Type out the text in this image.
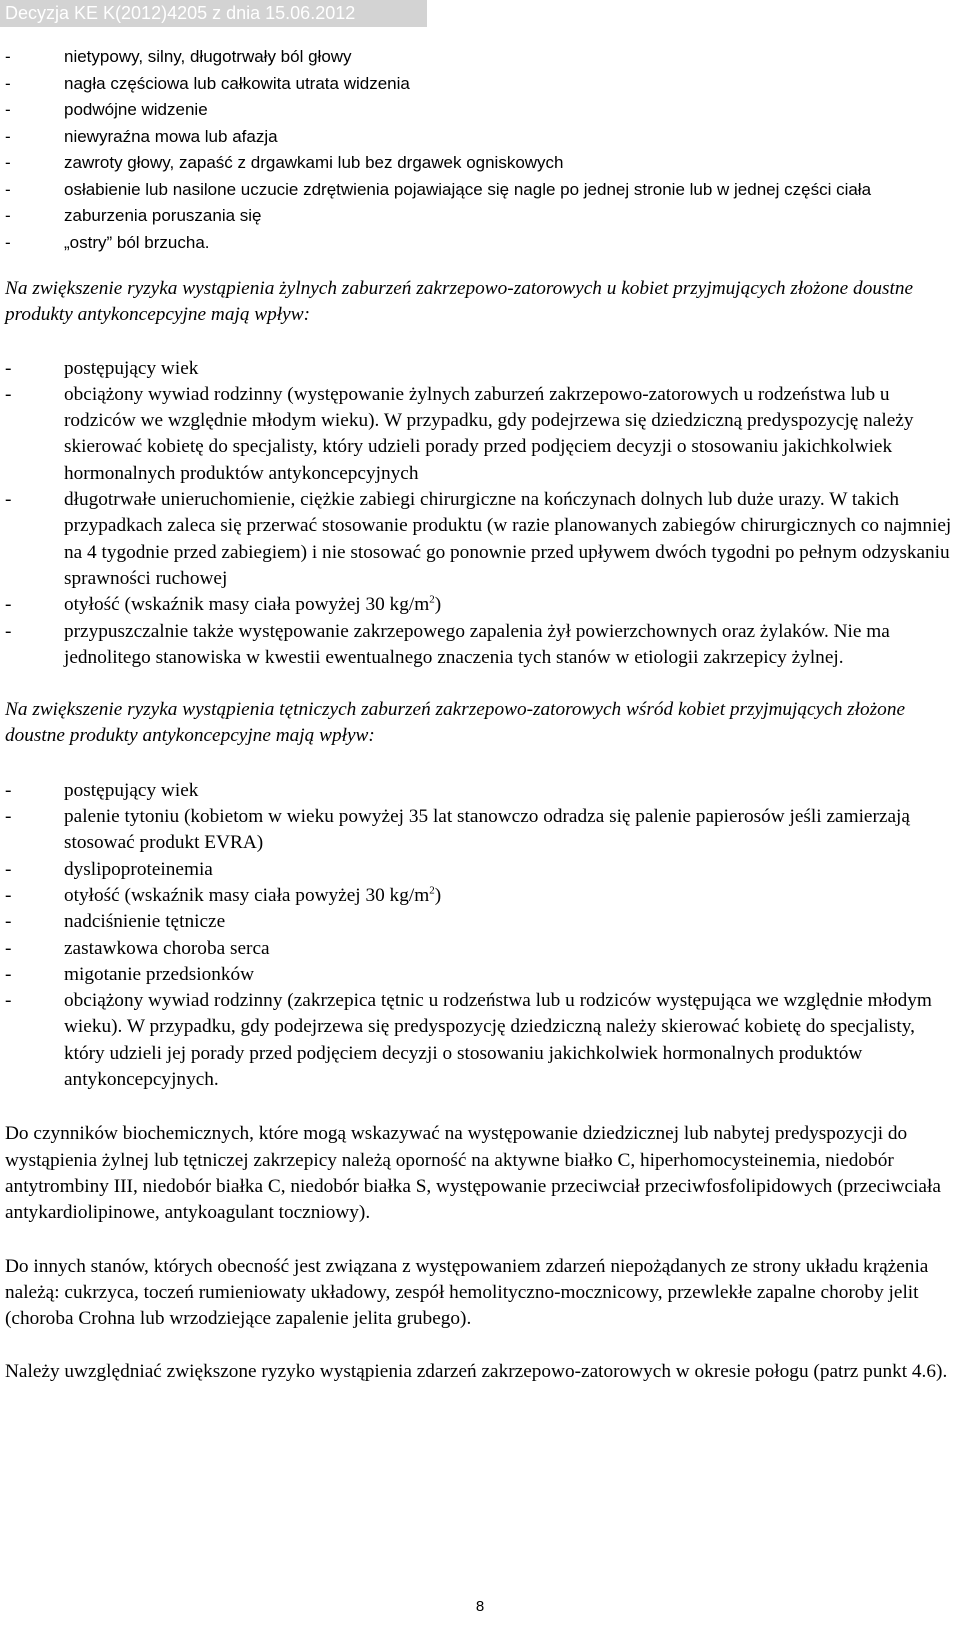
Decyzja KE K(2012)4205 z dnia 15.06.2012

-	nietypowy, silny, długotrwały ból głowy

-	nagła częściowa lub całkowita utrata widzenia

-	podwójne widzenie

-	niewyraźna mowa lub afazja

-	zawroty głowy, zapaść z drgawkami lub bez drgawek ogniskowych

-	osłabienie lub nasilone uczucie zdrętwienia pojawiające się nagle po jednej stronie lub w jednej części ciała

-	zaburzenia poruszania się

-	„ostry” ból brzucha.

Na zwiększenie ryzyka wystąpienia żylnych zaburzeń zakrzepowo-zatorowych u kobiet przyjmujących złożone doustne produkty antykoncepcyjne mają wpływ:

-	postępujący wiek

-	obciążony wywiad rodzinny (występowanie żylnych zaburzeń zakrzepowo-zatorowych u rodzeństwa lub u rodziców we względnie młodym wieku). W przypadku, gdy podejrzewa się dziedziczną predyspozycję należy skierować kobietę do specjalisty, który udzieli porady przed podjęciem decyzji o stosowaniu jakichkolwiek hormonalnych produktów antykoncepcyjnych

-	długotrwałe unieruchomienie, ciężkie zabiegi chirurgiczne na kończynach dolnych lub duże urazy. W takich przypadkach zaleca się przerwać stosowanie produktu (w razie planowanych zabiegów chirurgicznych co najmniej na 4 tygodnie przed zabiegiem) i nie stosować go ponownie przed upływem dwóch tygodni po pełnym odzyskaniu sprawności ruchowej

-	otyłość (wskaźnik masy ciała powyżej 30 $kg/m^2$)

-	przypuszczalnie także występowanie zakrzepowego zapalenia żył powierzchownych oraz żylaków. Nie ma jednolitego stanowiska w kwestii ewentualnego znaczenia tych stanów w etiologii zakrzepicy żylnej.

Na zwiększenie ryzyka wystąpienia tętniczych zaburzeń zakrzepowo-zatorowych wśród kobiet przyjmujących złożone doustne produkty antykoncepcyjne mają wpływ:

-	postępujący wiek

-	palenie tytoniu (kobietom w wieku powyżej 35 lat stanowczo odradza się palenie papierosów jeśli zamierzają stosować produkt EVRA)

-	dyslipoproteinemia

-	otyłość (wskaźnik masy ciała powyżej 30 $kg/m^2$)

-	nadciśnienie tętnicze

-	zastawkowa choroba serca

-	migotanie przedsionków

-	obciążony wywiad rodzinny (zakrzepica tętnic u rodzeństwa lub u rodziców występująca we względnie młodym wieku). W przypadku, gdy podejrzewa się predyspozycję dziedziczną należy skierować kobietę do specjalisty, który udzieli jej porady przed podjęciem decyzji o stosowaniu jakichkolwiek hormonalnych produktów antykoncepcyjnych.

Do czynników biochemicznych, które mogą wskazywać na występowanie dziedzicznej lub nabytej predyspozycji do wystąpienia żylnej lub tętniczej zakrzepicy należą oporność na aktywne białko C, hiperhomocysteinemia, niedobór antytrombiny III, niedobór białka C, niedobór białka S, występowanie przeciwciał przeciwfosfolipidowych (przeciwciała antykardiolipinowe, antykoagulant toczniowy).

Do innych stanów, których obecność jest związana z występowaniem zdarzeń niepożądanych ze strony układu krążenia należą: cukrzyca, toczeń rumieniowaty układowy, zespół hemolityczno-mocznicowy, przewlekłe zapalne choroby jelit (choroba Crohna lub wrzodziejące zapalenie jelita grubego).

Należy uwzględniać zwiększone ryzyko wystąpienia zdarzeń zakrzepowo-zatorowych w okresie połogu (patrz punkt 4.6).

8
